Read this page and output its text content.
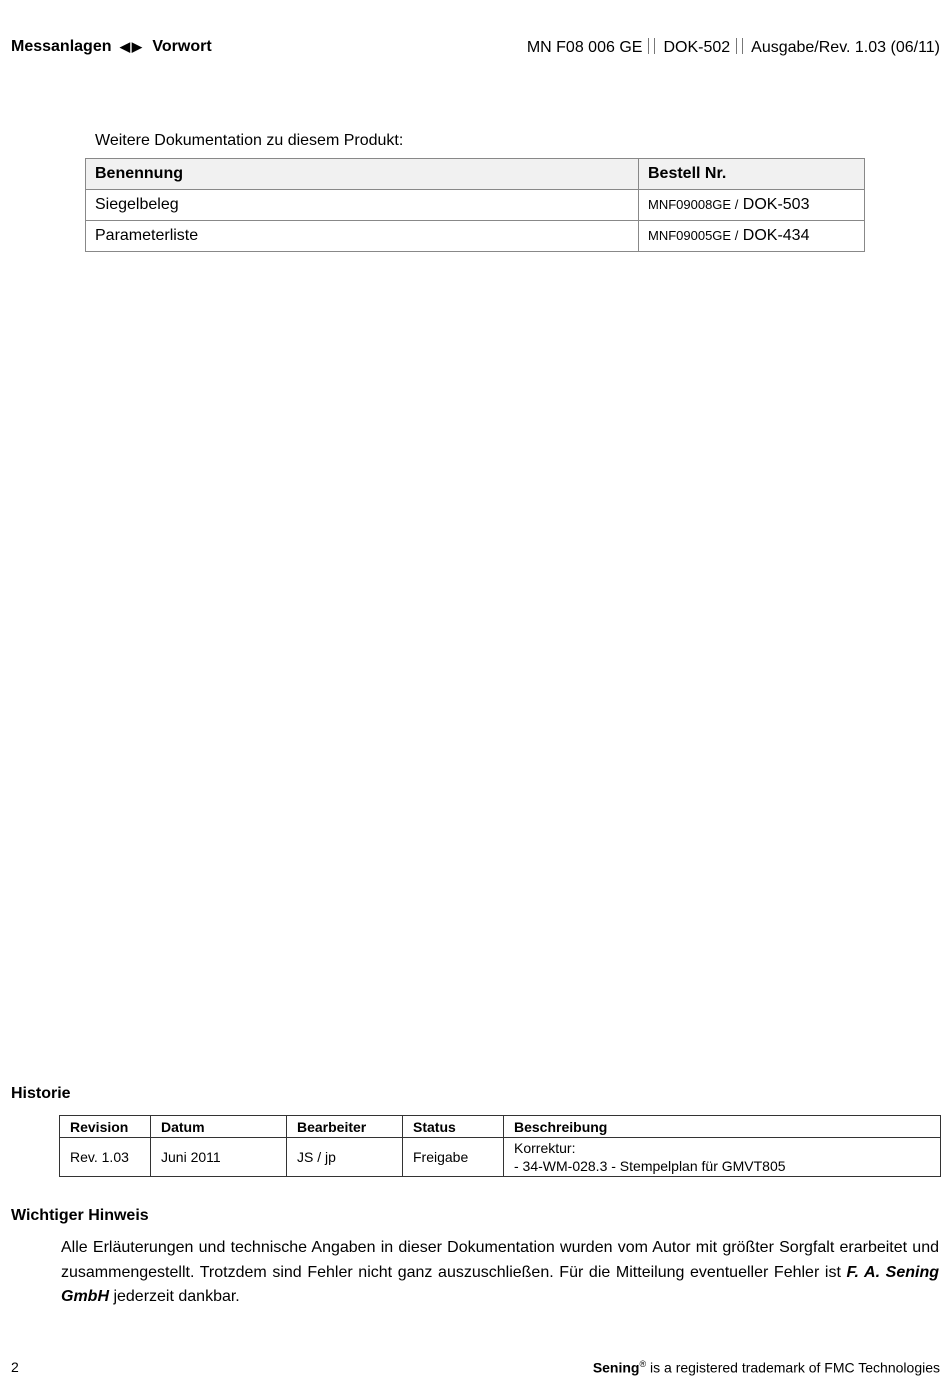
Messanlagen ◀▶ Vorwort	MN F08 006 GE DOK-502 Ausgabe/Rev. 1.03 (06/11)
Weitere Dokumentation zu diesem Produkt:
Benennung	Bestell Nr.
Siegelbeleg	MNF09008GE / DOK-503
Parameterliste	MNF09005GE / DOK-434
Historie
Revision	Datum	Bearbeiter	Status	Beschreibung
Rev. 1.03	Juni 2011	JS / jp	Freigabe	Korrektur:
- 34-WM-028.3 - Stempelplan für GMVT805
Wichtiger Hinweis
Alle Erläuterungen und technische Angaben in dieser Dokumentation wurden vom Autor mit größter Sorgfalt erarbeitet und zusammengestellt. Trotzdem sind Fehler nicht ganz auszuschließen. Für die Mitteilung eventueller Fehler ist F. A. Sening GmbH jederzeit dankbar.
2	Sening® is a registered trademark of FMC Technologies
